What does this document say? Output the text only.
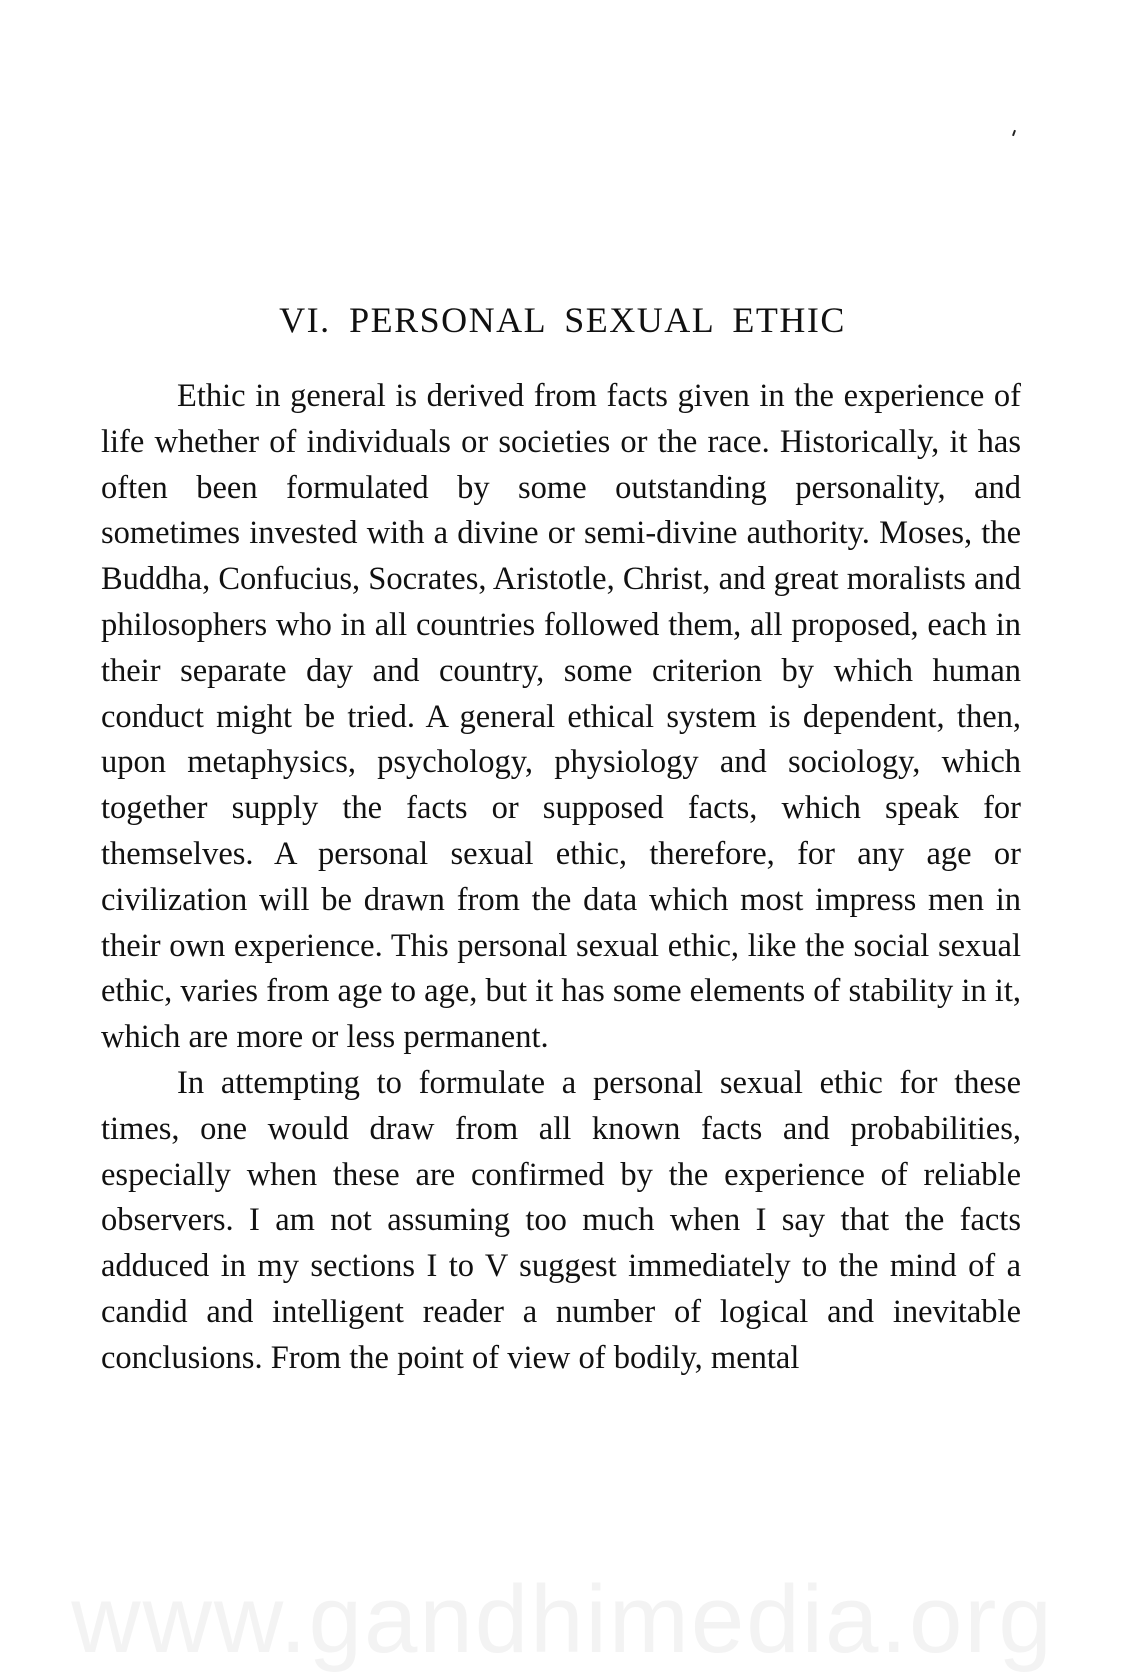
VI. PERSONAL SEXUAL ETHIC

Ethic in general is derived from facts given in the experience of life whether of individuals or societies or the race. Historically, it has often been formulated by some outstanding personality, and sometimes invested with a divine or semi-divine authority. Moses, the Buddha, Confucius, Socrates, Aristotle, Christ, and great moralists and philosophers who in all countries followed them, all proposed, each in their separate day and country, some criterion by which human conduct might be tried. A general ethical system is dependent, then, upon metaphysics, psychology, physiology and sociology, which together supply the facts or supposed facts, which speak for themselves. A personal sexual ethic, therefore, for any age or civilization will be drawn from the data which most impress men in their own experience. This personal sexual ethic, like the social sexual ethic, varies from age to age, but it has some elements of stability in it, which are more or less permanent.

In attempting to formulate a personal sexual ethic for these times, one would draw from all known facts and probabilities, especially when these are confirmed by the experience of reliable observers. I am not assuming too much when I say that the facts adduced in my sections I to V suggest immediately to the mind of a candid and intelligent reader a number of logical and inevitable conclusions. From the point of view of bodily, mental

www.gandhimedia.org
